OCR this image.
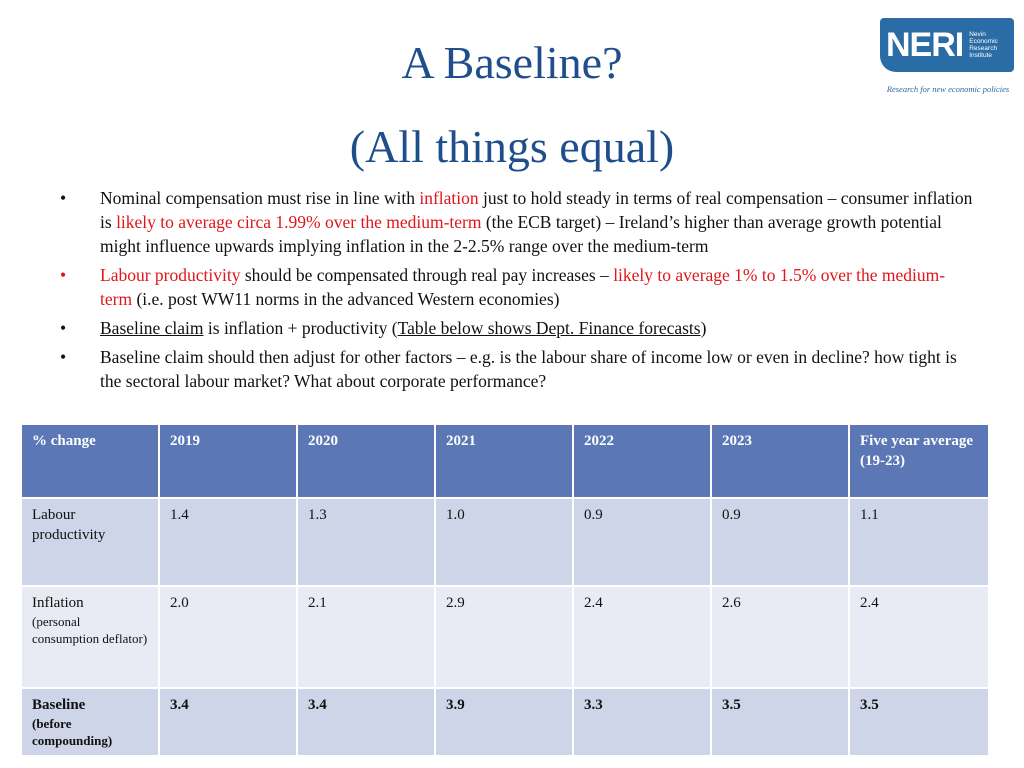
A Baseline?
(All things equal)
NERI Nevin
Economic
Research
Institute
Research for new economic policies
• Nominal compensation must rise in line with inflation just to hold steady in terms of real compensation – consumer inflation is likely to average circa 1.99% over the medium-term (the ECB target) – Ireland’s higher than average growth potential might influence upwards implying inflation in the 2-2.5% range over the medium-term
• Labour productivity should be compensated through real pay increases – likely to average 1% to 1.5% over the medium-term (i.e. post WW11 norms in the advanced Western economies)
• Baseline claim is inflation + productivity (Table below shows Dept. Finance forecasts)
• Baseline claim should then adjust for other factors – e.g. is the labour share of income low or even in decline? how tight is the sectoral labour market? What about corporate performance?
% change	2019	2020	2021	2022	2023	Five year average (19-23)
Labour productivity	1.4	1.3	1.0	0.9	0.9	1.1
Inflation
(personal consumption deflator)	2.0	2.1	2.9	2.4	2.6	2.4
Baseline
(before compounding)	3.4	3.4	3.9	3.3	3.5	3.5
